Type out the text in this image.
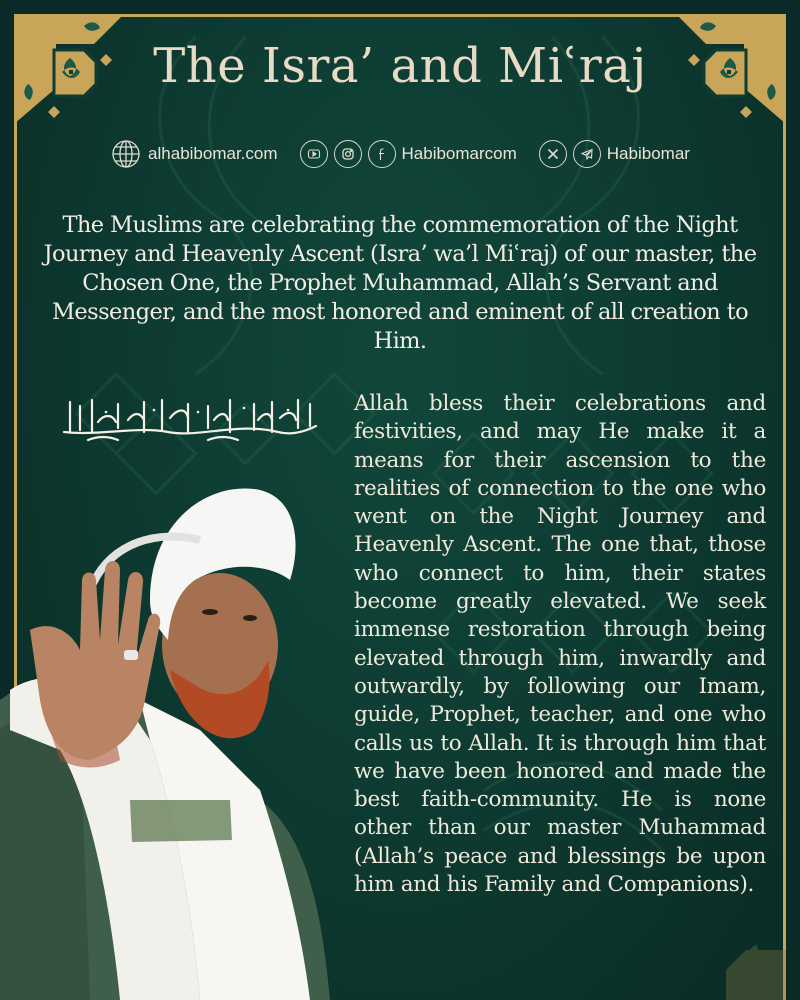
The Isra’ and Miʿraj
alhabibomar.com	Habibomarcom	Habibomar
The Muslims are celebrating the commemoration of the Night Journey and Heavenly Ascent (Isra’ wa’l Miʿraj) of our master, the Chosen One, the Prophet Muhammad, Allah’s Servant and Messenger, and the most honored and eminent of all creation to Him.
Allah bless their celebrations and festivities, and may He make it a means for their ascension to the realities of connection to the one who went on the Night Journey and Heavenly Ascent. The one that, those who connect to him, their states become greatly elevated. We seek immense restoration through being elevated through him, inwardly and outwardly, by following our Imam, guide, Prophet, teacher, and one who calls us to Allah. It is through him that we have been honored and made the best faith-community. He is none other than our master Muhammad (Allah’s peace and blessings be upon him and his Family and Companions).
